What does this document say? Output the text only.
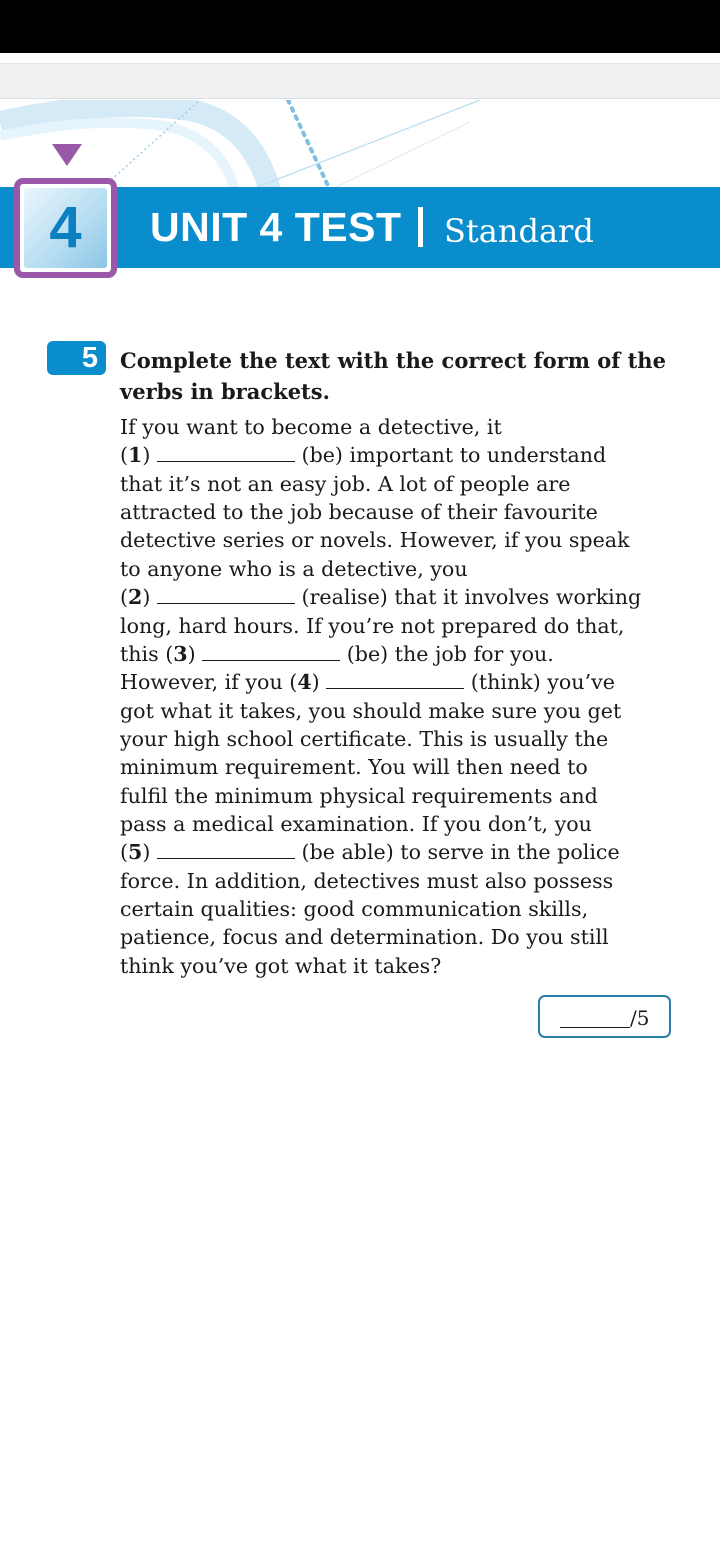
4 UNIT 4 TEST Standard
5 Complete the text with the correct form of the verbs in brackets.
If you want to become a detective, it
(1)	(be) important to understand
that it’s not an easy job. A lot of people are
attracted to the job because of their favourite
detective series or novels. However, if you speak
to anyone who is a detective, you
(2)	(realise) that it involves working
long, hard hours. If you’re not prepared do that,
this (3)	(be) the job for you.
However, if you (4)	(think) you’ve
got what it takes, you should make sure you get
your high school certificate. This is usually the
minimum requirement. You will then need to
fulfil the minimum physical requirements and
pass a medical examination. If you don’t, you
(5)	(be able) to serve in the police
force. In addition, detectives must also possess
certain qualities: good communication skills,
patience, focus and determination. Do you still
think you’ve got what it takes?
/5
